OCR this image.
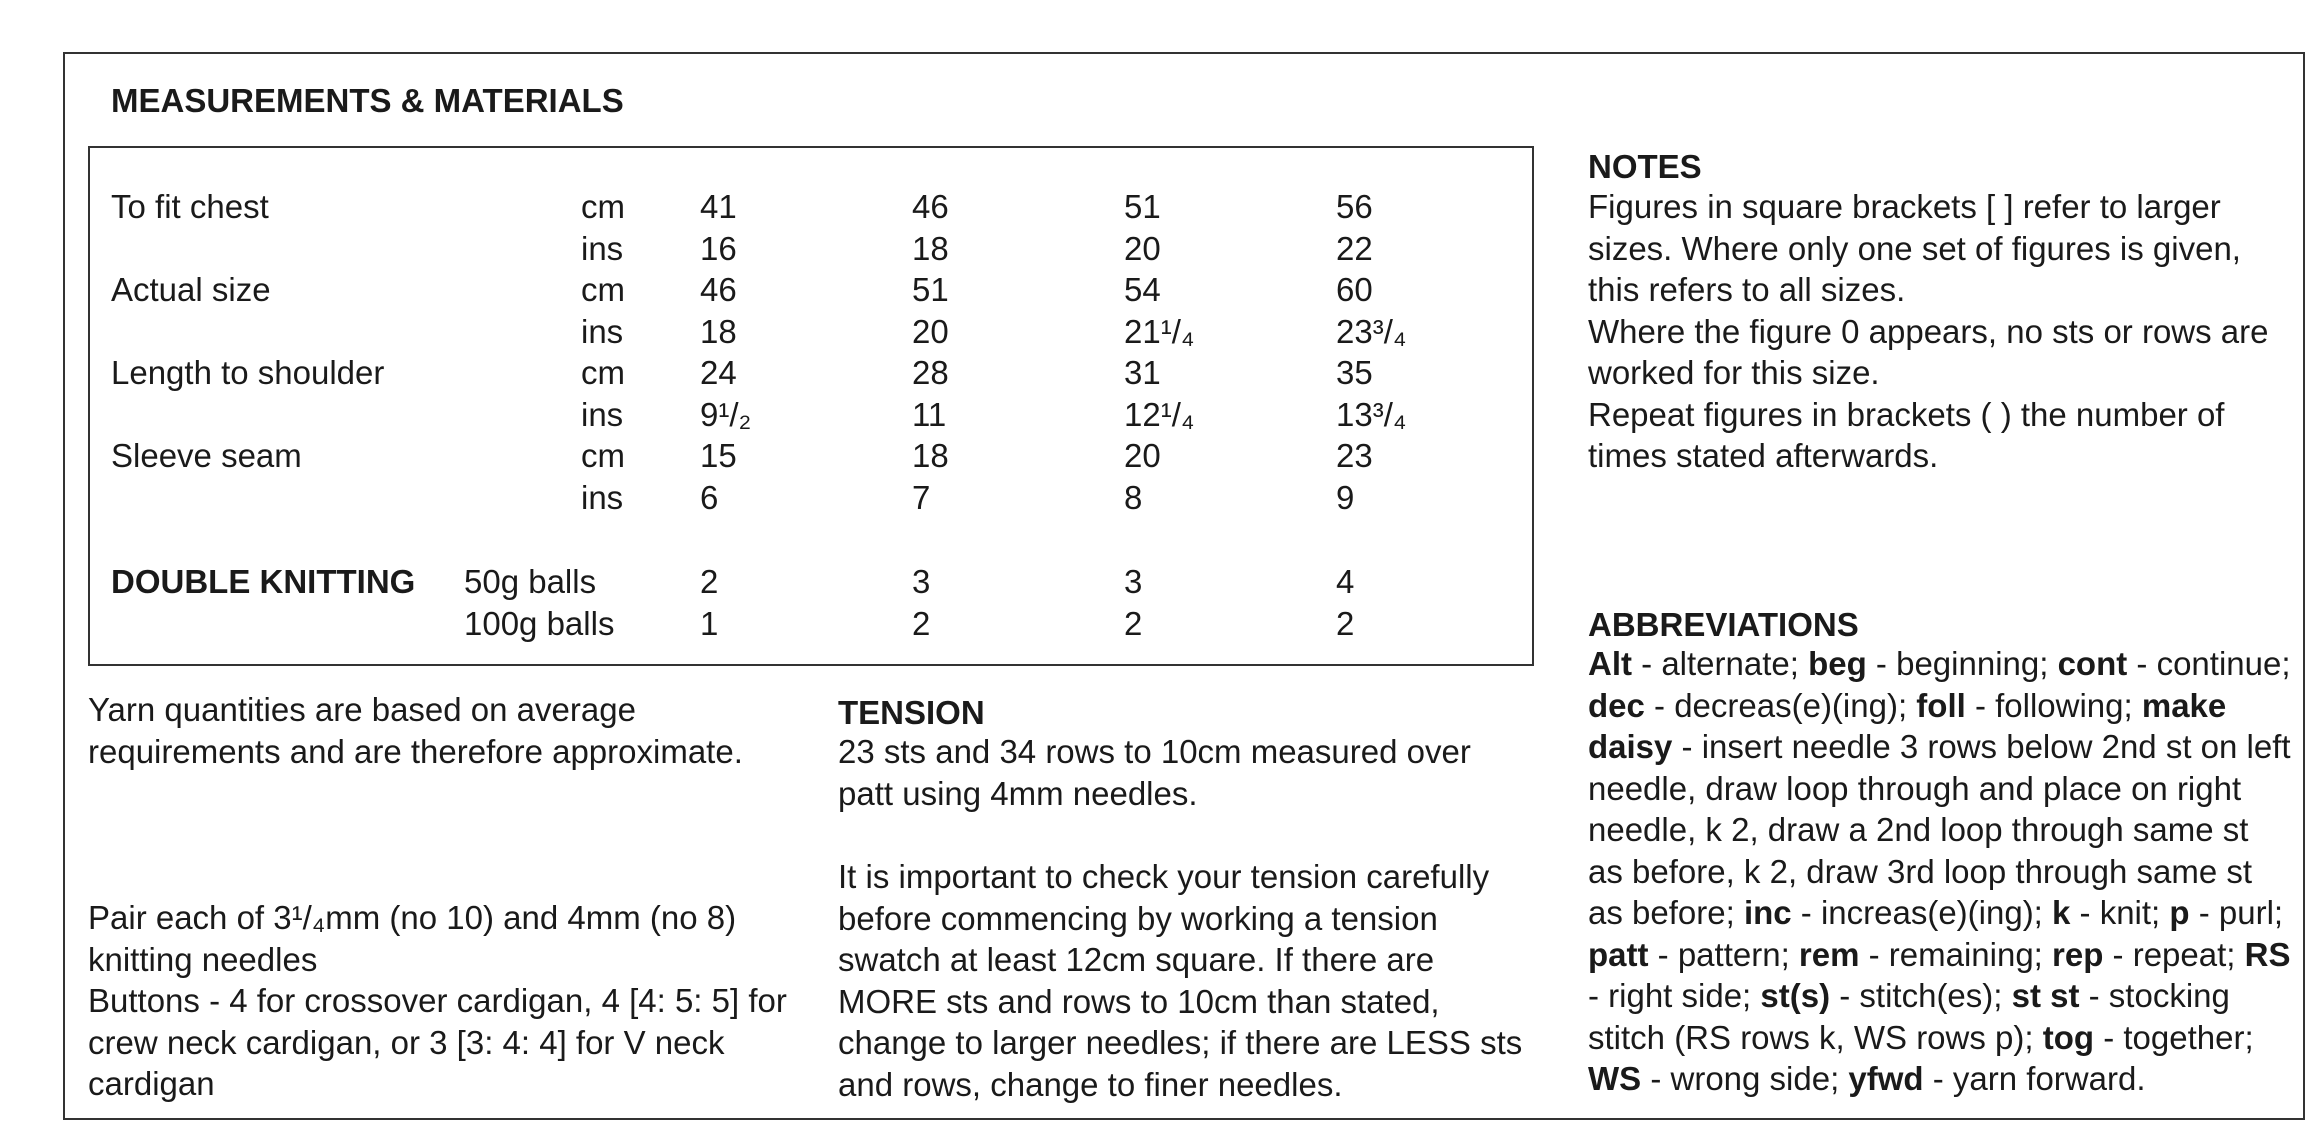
MEASUREMENTS & MATERIALS
To fit chest	cm 41	46	51	56
ins 16	18	20	22
Actual size	cm 46	51	54	60
ins 18	20	21¹/₄	23³/₄
Length to shoulder	cm 24	28	31	35
ins 9¹/₂	11	12¹/₄	13³/₄
Sleeve seam	cm 15	18	20	23
ins 6	7	8	9
DOUBLE KNITTING 50g balls	2	3	3	4
100g balls	1	2	2	2
Yarn quantities are based on average
requirements and are therefore approximate.
Pair each of 3¹/₄mm (no 10) and 4mm (no 8)
knitting needles
Buttons - 4 for crossover cardigan, 4 [4: 5: 5] for
crew neck cardigan, or 3 [3: 4: 4] for V neck
cardigan
TENSION
23 sts and 34 rows to 10cm measured over
patt using 4mm needles.
It is important to check your tension carefully
before commencing by working a tension
swatch at least 12cm square. If there are
MORE sts and rows to 10cm than stated,
change to larger needles; if there are LESS sts
and rows, change to finer needles.
NOTES
Figures in square brackets [ ] refer to larger
sizes. Where only one set of figures is given,
this refers to all sizes.
Where the figure 0 appears, no sts or rows are
worked for this size.
Repeat figures in brackets ( ) the number of
times stated afterwards.
ABBREVIATIONS
Alt - alternate; beg - beginning; cont - continue;
dec - decreas(e)(ing); foll - following; make
daisy - insert needle 3 rows below 2nd st on left
needle, draw loop through and place on right
needle, k 2, draw a 2nd loop through same st
as before, k 2, draw 3rd loop through same st
as before; inc - increas(e)(ing); k - knit; p - purl;
patt - pattern; rem - remaining; rep - repeat; RS
- right side; st(s) - stitch(es); st st - stocking
stitch (RS rows k, WS rows p); tog - together;
WS - wrong side; yfwd - yarn forward.
